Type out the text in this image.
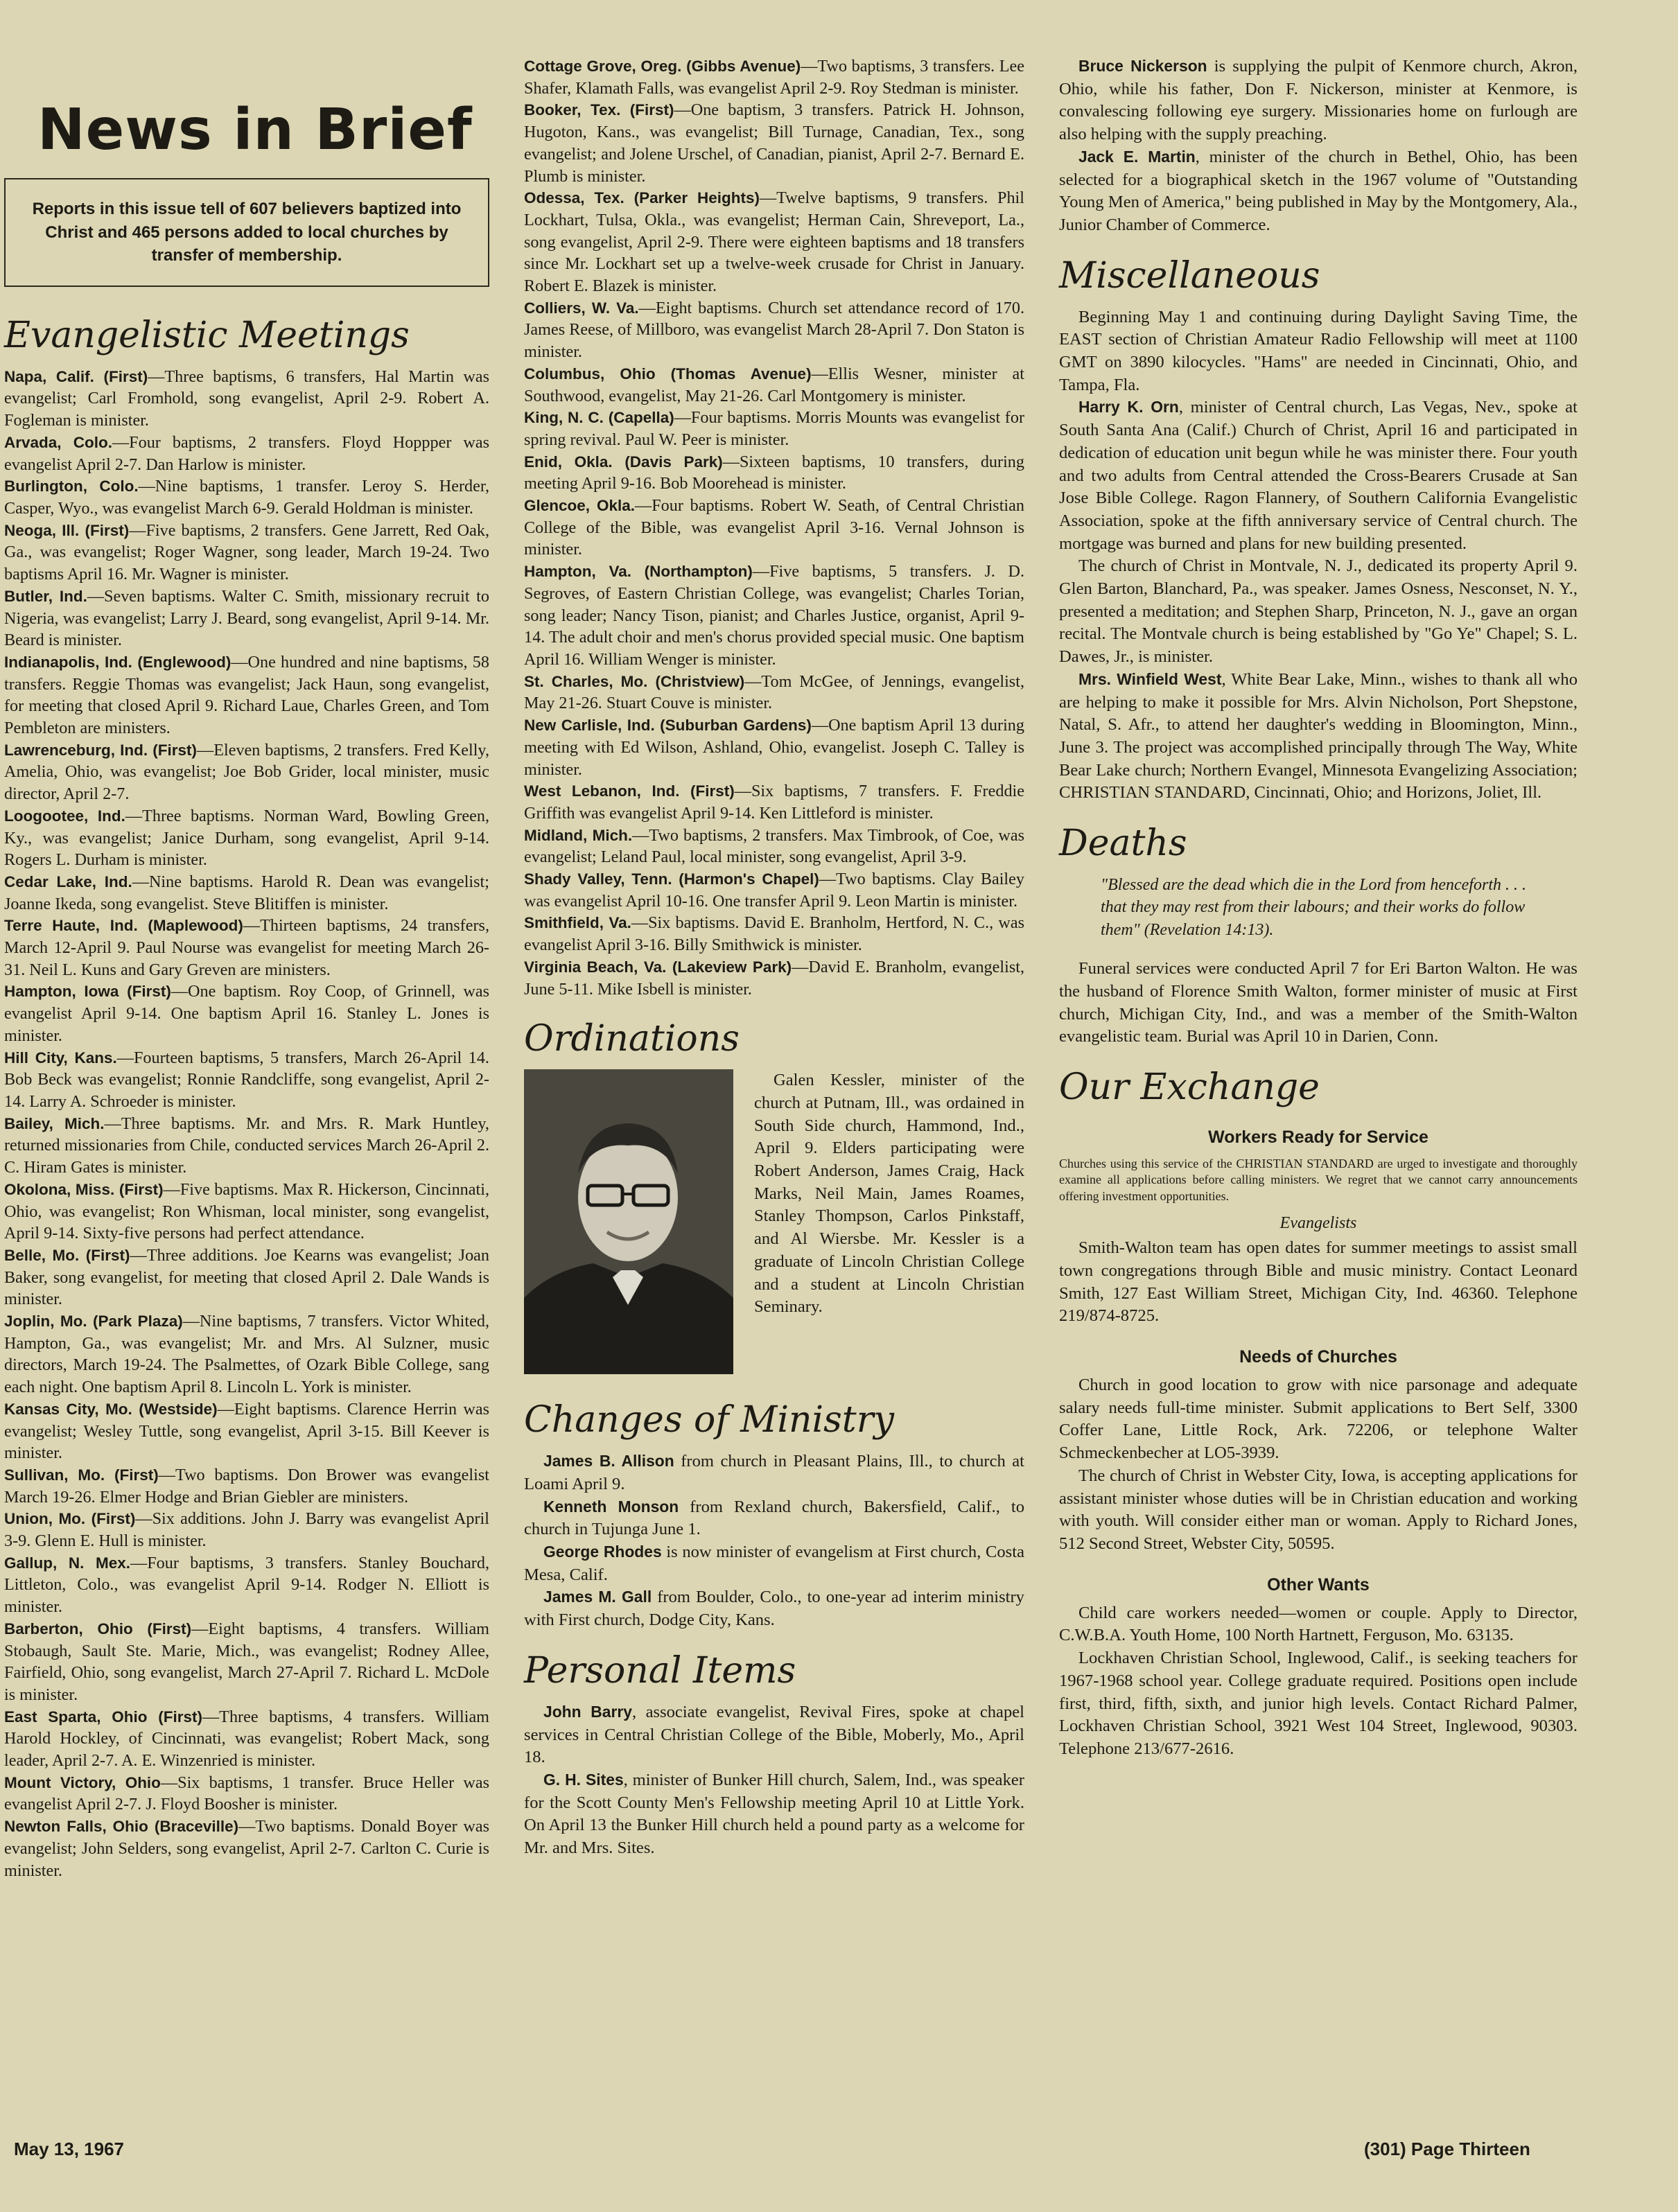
News in Brief
Reports in this issue tell of 607 believers baptized into Christ and 465 persons added to local churches by transfer of membership.
Evangelistic Meetings

Napa, Calif. (First)—Three baptisms, 6 transfers, Hal Martin was evangelist; Carl Fromhold, song evangelist, April 2-9. Robert A. Fogleman is minister.

Arvada, Colo.—Four baptisms, 2 transfers. Floyd Hoppper was evangelist April 2-7. Dan Harlow is minister.

Burlington, Colo.—Nine baptisms, 1 transfer. Leroy S. Herder, Casper, Wyo., was evangelist March 6-9. Gerald Holdman is minister.

Neoga, Ill. (First)—Five baptisms, 2 transfers. Gene Jarrett, Red Oak, Ga., was evangelist; Roger Wagner, song leader, March 19-24. Two baptisms April 16. Mr. Wagner is minister.

Butler, Ind.—Seven baptisms. Walter C. Smith, missionary recruit to Nigeria, was evangelist; Larry J. Beard, song evangelist, April 9-14. Mr. Beard is minister.

Indianapolis, Ind. (Englewood)—One hundred and nine baptisms, 58 transfers. Reggie Thomas was evangelist; Jack Haun, song evangelist, for meeting that closed April 9. Richard Laue, Charles Green, and Tom Pembleton are ministers.

Lawrenceburg, Ind. (First)—Eleven baptisms, 2 transfers. Fred Kelly, Amelia, Ohio, was evangelist; Joe Bob Grider, local minister, music director, April 2-7.

Loogootee, Ind.—Three baptisms. Norman Ward, Bowling Green, Ky., was evangelist; Janice Durham, song evangelist, April 9-14. Rogers L. Durham is minister.

Cedar Lake, Ind.—Nine baptisms. Harold R. Dean was evangelist; Joanne Ikeda, song evangelist. Steve Blitiffen is minister.

Terre Haute, Ind. (Maplewood)—Thirteen baptisms, 24 transfers, March 12-April 9. Paul Nourse was evangelist for meeting March 26-31. Neil L. Kuns and Gary Greven are ministers.

Hampton, Iowa (First)—One baptism. Roy Coop, of Grinnell, was evangelist April 9-14. One baptism April 16. Stanley L. Jones is minister.

Hill City, Kans.—Fourteen baptisms, 5 transfers, March 26-April 14. Bob Beck was evangelist; Ronnie Randcliffe, song evangelist, April 2-14. Larry A. Schroeder is minister.

Bailey, Mich.—Three baptisms. Mr. and Mrs. R. Mark Huntley, returned missionaries from Chile, conducted services March 26-April 2. C. Hiram Gates is minister.

Okolona, Miss. (First)—Five baptisms. Max R. Hickerson, Cincinnati, Ohio, was evangelist; Ron Whisman, local minister, song evangelist, April 9-14. Sixty-five persons had perfect attendance.

Belle, Mo. (First)—Three additions. Joe Kearns was evangelist; Joan Baker, song evangelist, for meeting that closed April 2. Dale Wands is minister.

Joplin, Mo. (Park Plaza)—Nine baptisms, 7 transfers. Victor Whited, Hampton, Ga., was evangelist; Mr. and Mrs. Al Sulzner, music directors, March 19-24. The Psalmettes, of Ozark Bible College, sang each night. One baptism April 8. Lincoln L. York is minister.

Kansas City, Mo. (Westside)—Eight baptisms. Clarence Herrin was evangelist; Wesley Tuttle, song evangelist, April 3-15. Bill Keever is minister.

Sullivan, Mo. (First)—Two baptisms. Don Brower was evangelist March 19-26. Elmer Hodge and Brian Giebler are ministers.

Union, Mo. (First)—Six additions. John J. Barry was evangelist April 3-9. Glenn E. Hull is minister.

Gallup, N. Mex.—Four baptisms, 3 transfers. Stanley Bouchard, Littleton, Colo., was evangelist April 9-14. Rodger N. Elliott is minister.

Barberton, Ohio (First)—Eight baptisms, 4 transfers. William Stobaugh, Sault Ste. Marie, Mich., was evangelist; Rodney Allee, Fairfield, Ohio, song evangelist, March 27-April 7. Richard L. McDole is minister.

East Sparta, Ohio (First)—Three baptisms, 4 transfers. William Harold Hockley, of Cincinnati, was evangelist; Robert Mack, song leader, April 2-7. A. E. Winzenried is minister.

Mount Victory, Ohio—Six baptisms, 1 transfer. Bruce Heller was evangelist April 2-7. J. Floyd Boosher is minister.

Newton Falls, Ohio (Braceville)—Two baptisms. Donald Boyer was evangelist; John Selders, song evangelist, April 2-7. Carlton C. Curie is minister.

Cottage Grove, Oreg. (Gibbs Avenue)—Two baptisms, 3 transfers. Lee Shafer, Klamath Falls, was evangelist April 2-9. Roy Stedman is minister.

Booker, Tex. (First)—One baptism, 3 transfers. Patrick H. Johnson, Hugoton, Kans., was evangelist; Bill Turnage, Canadian, Tex., song evangelist; and Jolene Urschel, of Canadian, pianist, April 2-7. Bernard E. Plumb is minister.

Odessa, Tex. (Parker Heights)—Twelve baptisms, 9 transfers. Phil Lockhart, Tulsa, Okla., was evangelist; Herman Cain, Shreveport, La., song evangelist, April 2-9. There were eighteen baptisms and 18 transfers since Mr. Lockhart set up a twelve-week crusade for Christ in January. Robert E. Blazek is minister.

Colliers, W. Va.—Eight baptisms. Church set attendance record of 170. James Reese, of Millboro, was evangelist March 28-April 7. Don Staton is minister.

Columbus, Ohio (Thomas Avenue)—Ellis Wesner, minister at Southwood, evangelist, May 21-26. Carl Montgomery is minister.

King, N. C. (Capella)—Four baptisms. Morris Mounts was evangelist for spring revival. Paul W. Peer is minister.

Enid, Okla. (Davis Park)—Sixteen baptisms, 10 transfers, during meeting April 9-16. Bob Moorehead is minister.

Glencoe, Okla.—Four baptisms. Robert W. Seath, of Central Christian College of the Bible, was evangelist April 3-16. Vernal Johnson is minister.

Hampton, Va. (Northampton)—Five baptisms, 5 transfers. J. D. Segroves, of Eastern Christian College, was evangelist; Charles Torian, song leader; Nancy Tison, pianist; and Charles Justice, organist, April 9-14. The adult choir and men's chorus provided special music. One baptism April 16. William Wenger is minister.

St. Charles, Mo. (Christview)—Tom McGee, of Jennings, evangelist, May 21-26. Stuart Couve is minister.

New Carlisle, Ind. (Suburban Gardens)—One baptism April 13 during meeting with Ed Wilson, Ashland, Ohio, evangelist. Joseph C. Talley is minister.

West Lebanon, Ind. (First)—Six baptisms, 7 transfers. F. Freddie Griffith was evangelist April 9-14. Ken Littleford is minister.

Midland, Mich.—Two baptisms, 2 transfers. Max Timbrook, of Coe, was evangelist; Leland Paul, local minister, song evangelist, April 3-9.

Shady Valley, Tenn. (Harmon's Chapel)—Two baptisms. Clay Bailey was evangelist April 10-16. One transfer April 9. Leon Martin is minister.

Smithfield, Va.—Six baptisms. David E. Branholm, Hertford, N. C., was evangelist April 3-16. Billy Smithwick is minister.

Virginia Beach, Va. (Lakeview Park)—David E. Branholm, evangelist, June 5-11. Mike Isbell is minister.

Ordinations
Galen Kessler, minister of the church at Putnam, Ill., was ordained in South Side church, Hammond, Ind., April 9. Elders participating were Robert Anderson, James Craig, Hack Marks, Neil Main, James Roames, Stanley Thompson, Carlos Pinkstaff, and Al Wiersbe. Mr. Kessler is a graduate of Lincoln Christian College and a student at Lincoln Christian Seminary.
Changes of Ministry

James B. Allison from church in Pleasant Plains, Ill., to church at Loami April 9.

Kenneth Monson from Rexland church, Bakersfield, Calif., to church in Tujunga June 1.

George Rhodes is now minister of evangelism at First church, Costa Mesa, Calif.

James M. Gall from Boulder, Colo., to one-year ad interim ministry with First church, Dodge City, Kans.

Personal Items

John Barry, associate evangelist, Revival Fires, spoke at chapel services in Central Christian College of the Bible, Moberly, Mo., April 18.

G. H. Sites, minister of Bunker Hill church, Salem, Ind., was speaker for the Scott County Men's Fellowship meeting April 10 at Little York. On April 13 the Bunker Hill church held a pound party as a welcome for Mr. and Mrs. Sites.

Bruce Nickerson is supplying the pulpit of Kenmore church, Akron, Ohio, while his father, Don F. Nickerson, minister at Kenmore, is convalescing following eye surgery. Missionaries home on furlough are also helping with the supply preaching.

Jack E. Martin, minister of the church in Bethel, Ohio, has been selected for a biographical sketch in the 1967 volume of "Outstanding Young Men of America," being published in May by the Montgomery, Ala., Junior Chamber of Commerce.

Miscellaneous

Beginning May 1 and continuing during Daylight Saving Time, the EAST section of Christian Amateur Radio Fellowship will meet at 1100 GMT on 3890 kilocycles. "Hams" are needed in Cincinnati, Ohio, and Tampa, Fla.

Harry K. Orn, minister of Central church, Las Vegas, Nev., spoke at South Santa Ana (Calif.) Church of Christ, April 16 and participated in dedication of education unit begun while he was minister there. Four youth and two adults from Central attended the Cross-Bearers Crusade at San Jose Bible College. Ragon Flannery, of Southern California Evangelistic Association, spoke at the fifth anniversary service of Central church. The mortgage was burned and plans for new building presented.

The church of Christ in Montvale, N. J., dedicated its property April 9. Glen Barton, Blanchard, Pa., was speaker. James Osness, Nesconset, N. Y., presented a meditation; and Stephen Sharp, Princeton, N. J., gave an organ recital. The Montvale church is being established by "Go Ye" Chapel; S. L. Dawes, Jr., is minister.

Mrs. Winfield West, White Bear Lake, Minn., wishes to thank all who are helping to make it possible for Mrs. Alvin Nicholson, Port Shepstone, Natal, S. Afr., to attend her daughter's wedding in Bloomington, Minn., June 3. The project was accomplished principally through The Way, White Bear Lake church; Northern Evangel, Minnesota Evangelizing Association; CHRISTIAN STANDARD, Cincinnati, Ohio; and Horizons, Joliet, Ill.

Deaths
"Blessed are the dead which die in the Lord from henceforth . . . that they may rest from their labours; and their works do follow them" (Revelation 14:13).

Funeral services were conducted April 7 for Eri Barton Walton. He was the husband of Florence Smith Walton, former minister of music at First church, Michigan City, Ind., and was a member of the Smith-Walton evangelistic team. Burial was April 10 in Darien, Conn.

Our Exchange
Workers Ready for Service

Churches using this service of the CHRISTIAN STANDARD are urged to investigate and thoroughly examine all applications before calling ministers. We regret that we cannot carry announcements offering investment opportunities.

Evangelists

Smith-Walton team has open dates for summer meetings to assist small town congregations through Bible and music ministry. Contact Leonard Smith, 127 East William Street, Michigan City, Ind. 46360. Telephone 219/874-8725.

Needs of Churches

Church in good location to grow with nice parsonage and adequate salary needs full-time minister. Submit applications to Bert Self, 3300 Coffer Lane, Little Rock, Ark. 72206, or telephone Walter Schmeckenbecher at LO5-3939.

The church of Christ in Webster City, Iowa, is accepting applications for assistant minister whose duties will be in Christian education and working with youth. Will consider either man or woman. Apply to Richard Jones, 512 Second Street, Webster City, 50595.

Other Wants

Child care workers needed—women or couple. Apply to Director, C.W.B.A. Youth Home, 100 North Hartnett, Ferguson, Mo. 63135.

Lockhaven Christian School, Inglewood, Calif., is seeking teachers for 1967-1968 school year. College graduate required. Positions open include first, third, fifth, sixth, and junior high levels. Contact Richard Palmer, Lockhaven Christian School, 3921 West 104 Street, Inglewood, 90303. Telephone 213/677-2616.

May 13, 1967	(301) Page Thirteen
